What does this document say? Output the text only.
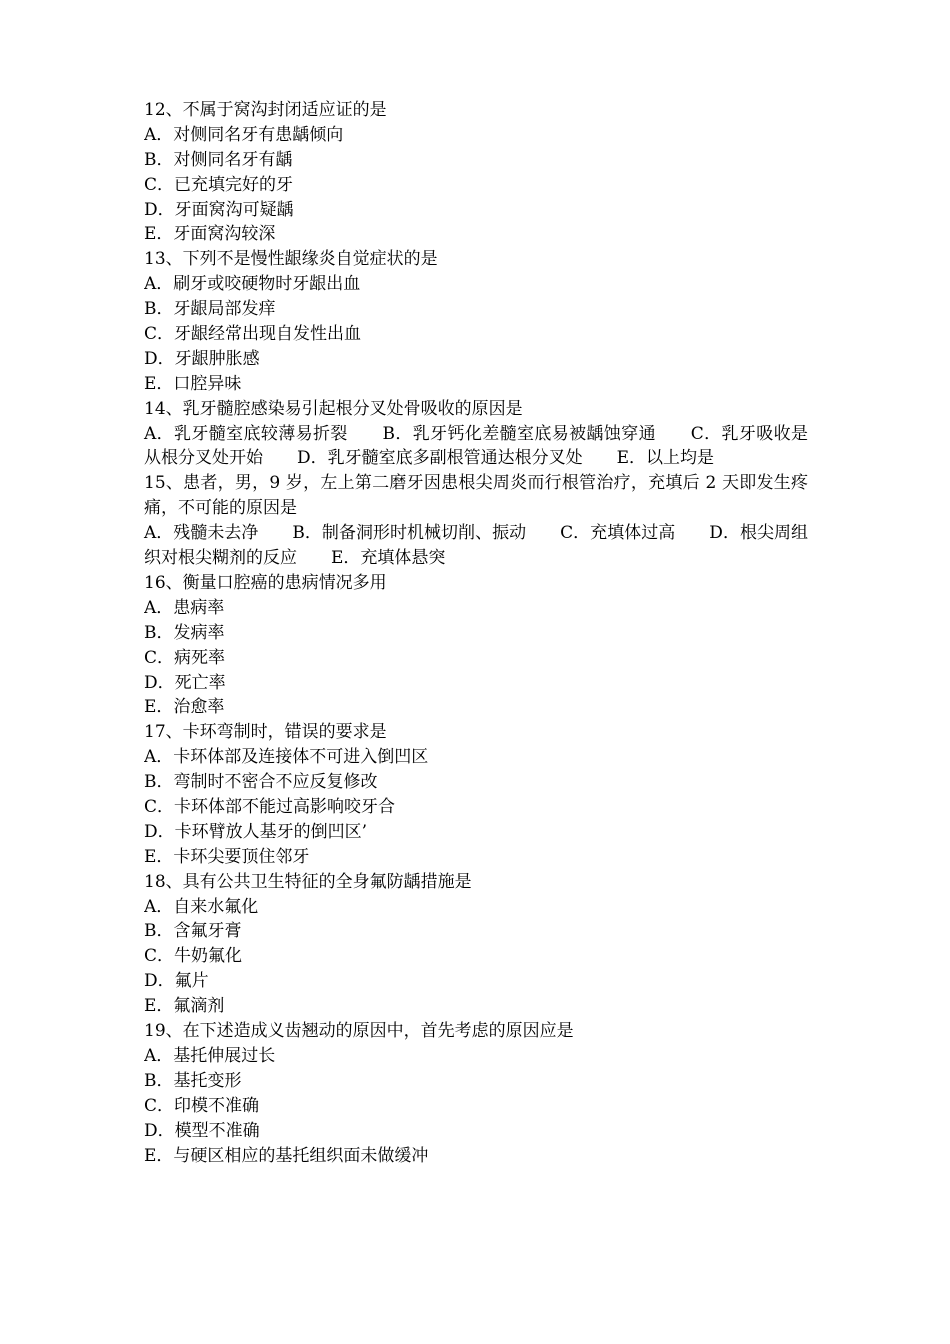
12、不属于窝沟封闭适应证的是
A．对侧同名牙有患龋倾向
B．对侧同名牙有龋
C．已充填完好的牙
D．牙面窝沟可疑龋
E．牙面窝沟较深
13、下列不是慢性龈缘炎自觉症状的是
A．刷牙或咬硬物时牙龈出血
B．牙龈局部发痒
C．牙龈经常出现自发性出血
D．牙龈肿胀感
E．口腔异味
14、乳牙髓腔感染易引起根分叉处骨吸收的原因是
A．乳牙髓室底较薄易折裂　　B．乳牙钙化差髓室底易被龋蚀穿通　　C．乳牙吸收是从根分叉处开始　　D．乳牙髓室底多副根管通达根分叉处　　E．以上均是
15、患者，男，9 岁，左上第二磨牙因患根尖周炎而行根管治疗，充填后 2 天即发生疼痛，不可能的原因是
A．残髓未去净　　B．制备洞形时机械切削、振动　　C．充填体过高　　D．根尖周组织对根尖糊剂的反应　　E．充填体悬突
16、衡量口腔癌的患病情况多用
A．患病率
B．发病率
C．病死率
D．死亡率
E．治愈率
17、卡环弯制时，错误的要求是
A．卡环体部及连接体不可进入倒凹区
B．弯制时不密合不应反复修改
C．卡环体部不能过高影响咬牙合
D．卡环臂放人基牙的倒凹区’
E．卡环尖要顶住邻牙
18、具有公共卫生特征的全身氟防龋措施是
A．自来水氟化
B．含氟牙膏
C．牛奶氟化
D．氟片
E．氟滴剂
19、在下述造成义齿翘动的原因中，首先考虑的原因应是
A．基托伸展过长
B．基托变形
C．印模不准确
D．模型不准确
E．与硬区相应的基托组织面未做缓冲
